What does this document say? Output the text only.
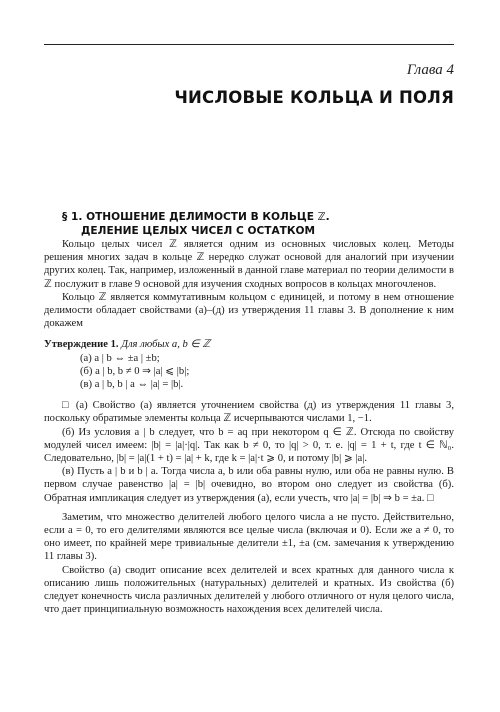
Глава 4
ЧИСЛОВЫЕ КОЛЬЦА И ПОЛЯ
§ 1. ОТНОШЕНИЕ ДЕЛИМОСТИ В КОЛЬЦЕ ℤ.
ДЕЛЕНИЕ ЦЕЛЫХ ЧИСЕЛ С ОСТАТКОМ

Кольцо целых чисел ℤ является одним из основных числовых колец. Методы решения многих задач в кольце ℤ нередко служат основой для аналогий при изучении других колец. Так, например, изложенный в данной главе материал по теории делимости в ℤ послужит в главе 9 основой для изучения сходных вопросов в кольцах многочленов.

Кольцо ℤ является коммутативным кольцом с единицей, и потому в нем отношение делимости обладает свойствами (а)–(д) из утверждения 11 главы 3. В дополнение к ним докажем

Утверждение 1. Для любых a, b ∈ ℤ

(а) a | b ⇔ ±a | ±b;

(б) a | b, b ≠ 0 ⇒ |a| ⩽ |b|;

(в) a | b, b | a ⇔ |a| = |b|.

□ (а) Свойство (а) является уточнением свойства (д) из утверждения 11 главы 3, поскольку обратимые элементы кольца ℤ исчерпываются числами 1, −1.

(б) Из условия a | b следует, что b = aq при некотором q ∈ ℤ. Отсюда по свойству модулей чисел имеем: |b| = |a|·|q|. Так как b ≠ 0, то |q| > 0, т. е. |q| = 1 + t, где t ∈ ℕ₀. Следовательно, |b| = |a|(1 + t) = |a| + k, где k = |a|·t ⩾ 0, и потому |b| ⩾ |a|.

(в) Пусть a | b и b | a. Тогда числа a, b или оба равны нулю, или оба не равны нулю. В первом случае равенство |a| = |b| очевидно, во втором оно следует из свойства (б). Обратная импликация следует из утверждения (а), если учесть, что |a| = |b| ⇒ b = ±a. □

Заметим, что множество делителей любого целого числа a не пусто. Действительно, если a = 0, то его делителями являются все целые числа (включая и 0). Если же a ≠ 0, то оно имеет, по крайней мере тривиальные делители ±1, ±a (см. замечания к утверждению 11 главы 3).

Свойство (а) сводит описание всех делителей и всех кратных для данного числа к описанию лишь положительных (натуральных) делителей и кратных. Из свойства (б) следует конечность числа различных делителей у любого отличного от нуля целого числа, что дает принципиальную возможность нахождения всех делителей числа.
